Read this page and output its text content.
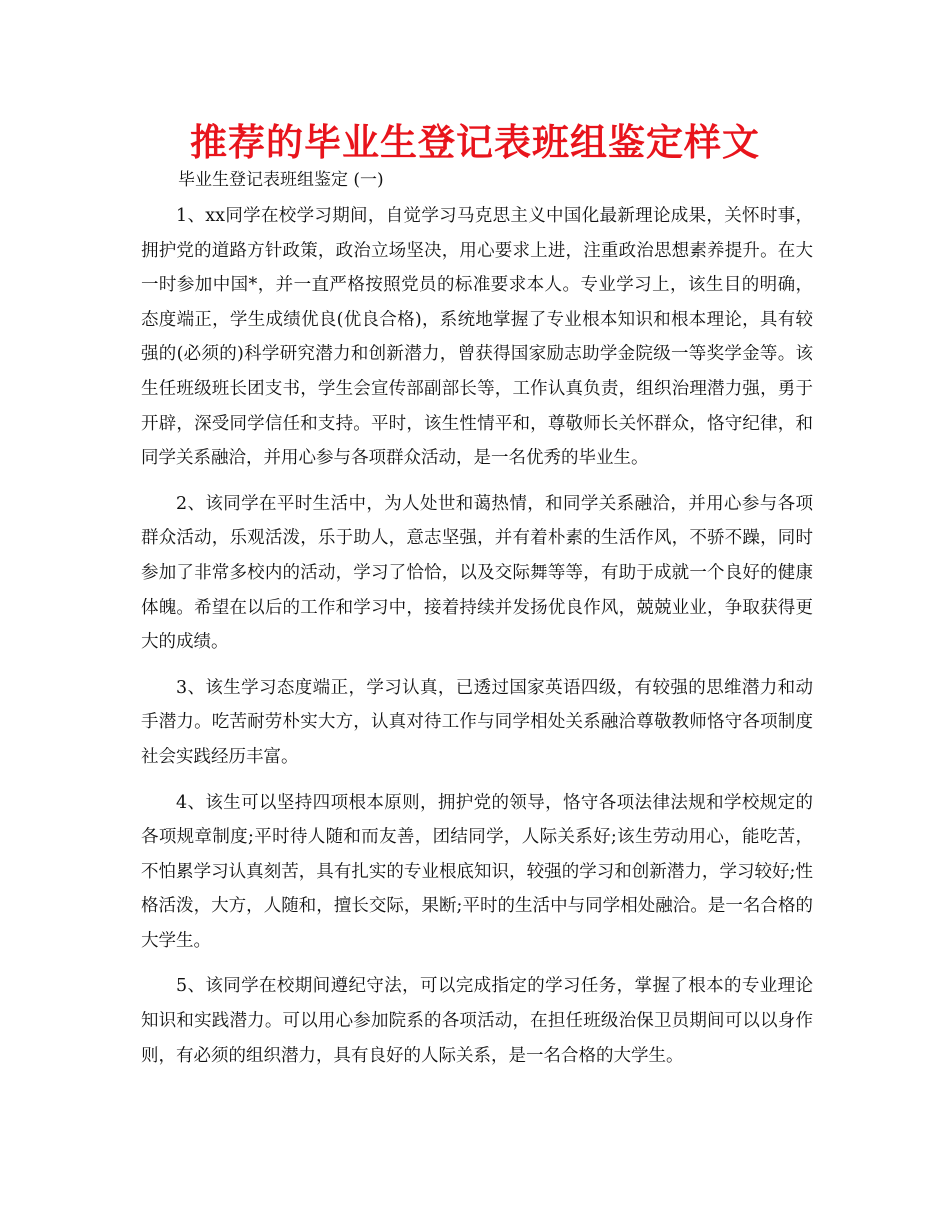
推荐的毕业生登记表班组鉴定样文
毕业生登记表班组鉴定 (一)

1、xx同学在校学习期间，自觉学习马克思主义中国化最新理论成果，关怀时事，拥护党的道路方针政策，政治立场坚决，用心要求上进，注重政治思想素养提升。在大一时参加中国*，并一直严格按照党员的标准要求本人。专业学习上，该生目的明确，态度端正，学生成绩优良(优良合格)，系统地掌握了专业根本知识和根本理论，具有较强的(必须的)科学研究潜力和创新潜力，曾获得国家励志助学金院级一等奖学金等。该生任班级班长团支书，学生会宣传部副部长等，工作认真负责，组织治理潜力强，勇于开辟，深受同学信任和支持。平时，该生性情平和，尊敬师长关怀群众，恪守纪律，和同学关系融洽，并用心参与各项群众活动，是一名优秀的毕业生。

2、该同学在平时生活中，为人处世和蔼热情，和同学关系融洽，并用心参与各项群众活动，乐观活泼，乐于助人，意志坚强，并有着朴素的生活作风，不骄不躁，同时参加了非常多校内的活动，学习了恰恰，以及交际舞等等，有助于成就一个良好的健康体魄。希望在以后的工作和学习中，接着持续并发扬优良作风，兢兢业业，争取获得更大的成绩。

3、该生学习态度端正，学习认真，已透过国家英语四级，有较强的思维潜力和动手潜力。吃苦耐劳朴实大方，认真对待工作与同学相处关系融洽尊敬教师恪守各项制度社会实践经历丰富。

4、该生可以坚持四项根本原则，拥护党的领导，恪守各项法律法规和学校规定的各项规章制度;平时待人随和而友善，团结同学，人际关系好;该生劳动用心，能吃苦，不怕累学习认真刻苦，具有扎实的专业根底知识，较强的学习和创新潜力，学习较好;性格活泼，大方，人随和，擅长交际，果断;平时的生活中与同学相处融洽。是一名合格的大学生。

5、该同学在校期间遵纪守法，可以完成指定的学习任务，掌握了根本的专业理论知识和实践潜力。可以用心参加院系的各项活动，在担任班级治保卫员期间可以以身作则，有必须的组织潜力，具有良好的人际关系，是一名合格的大学生。
